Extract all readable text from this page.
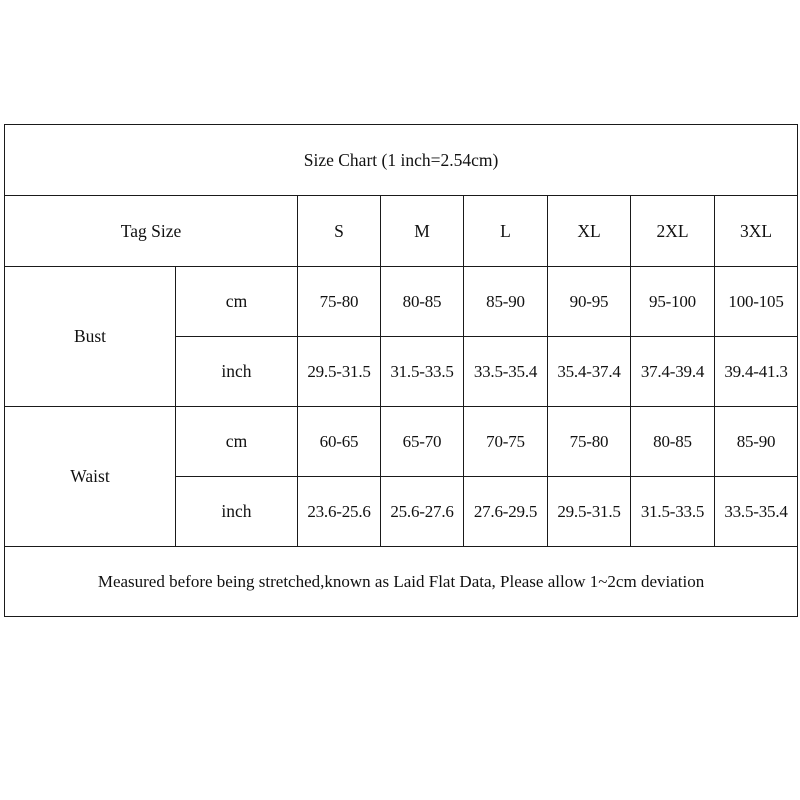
Size Chart (1 inch=2.54cm)							
Tag Size		S	M	L	XL	2XL	3XL
Bust	cm	75-80	80-85	85-90	90-95	95-100	100-105
	inch	29.5-31.5	31.5-33.5	33.5-35.4	35.4-37.4	37.4-39.4	39.4-41.3
Waist	cm	60-65	65-70	70-75	75-80	80-85	85-90
	inch	23.6-25.6	25.6-27.6	27.6-29.5	29.5-31.5	31.5-33.5	33.5-35.4
Measured before being stretched,known as Laid Flat Data, Please allow 1~2cm deviation							
